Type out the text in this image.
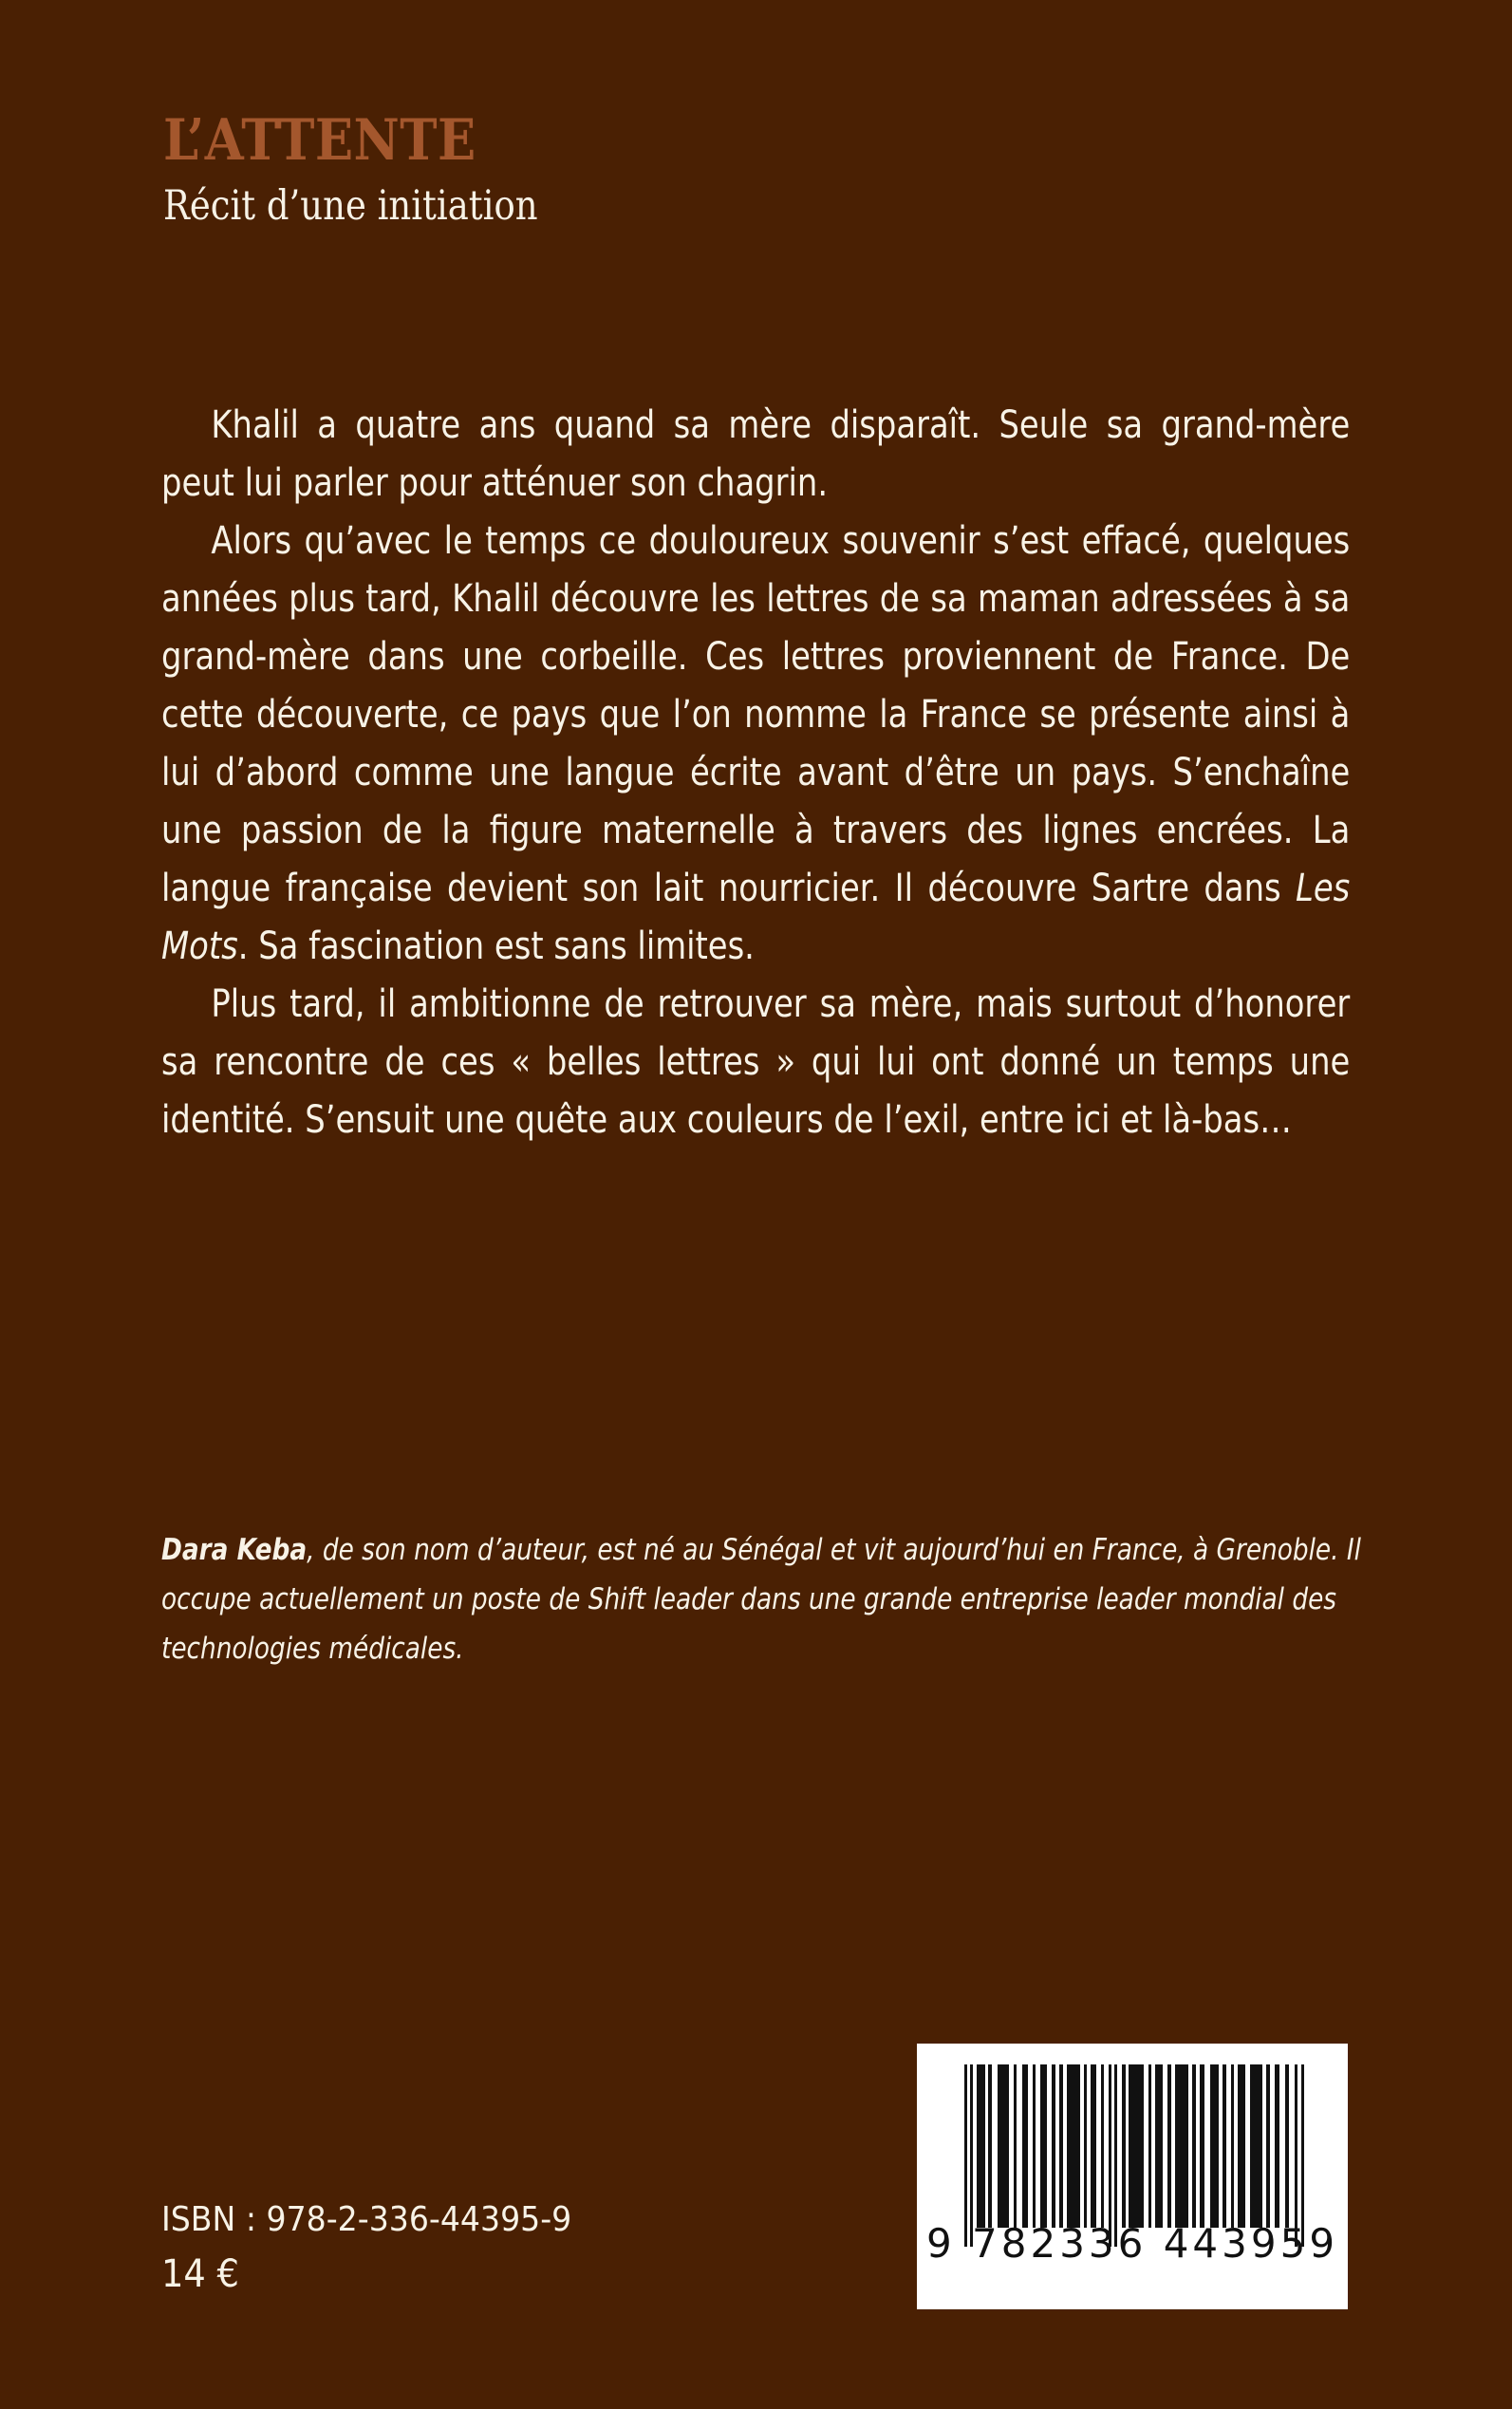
L’ATTENTE
Récit d’une initiation

Khalil a quatre ans quand sa mère disparaît. Seule sa grand-mère peut lui parler pour atténuer son chagrin.

Alors qu’avec le temps ce douloureux souvenir s’est effacé, quelques années plus tard, Khalil découvre les lettres de sa maman adressées à sa grand-mère dans une corbeille. Ces lettres proviennent de France. De cette découverte, ce pays que l’on nomme la France se présente ainsi à lui d’abord comme une langue écrite avant d’être un pays. S’enchaîne une passion de la figure maternelle à travers des lignes encrées. La langue française devient son lait nourricier. Il découvre Sartre dans Les Mots. Sa fascination est sans limites.

Plus tard, il ambitionne de retrouver sa mère, mais surtout d’honorer sa rencontre de ces « belles lettres » qui lui ont donné un temps une identité. S’ensuit une quête aux couleurs de l’exil, entre ici et là-bas…

Dara Keba, de son nom d’auteur, est né au Sénégal et vit aujourd’hui en France, à Grenoble. Il occupe actuellement un poste de Shift leader dans une grande entreprise leader mondial des technologies médicales.
ISBN : 978-2-336-44395-9
14 €
9 782336 443959
